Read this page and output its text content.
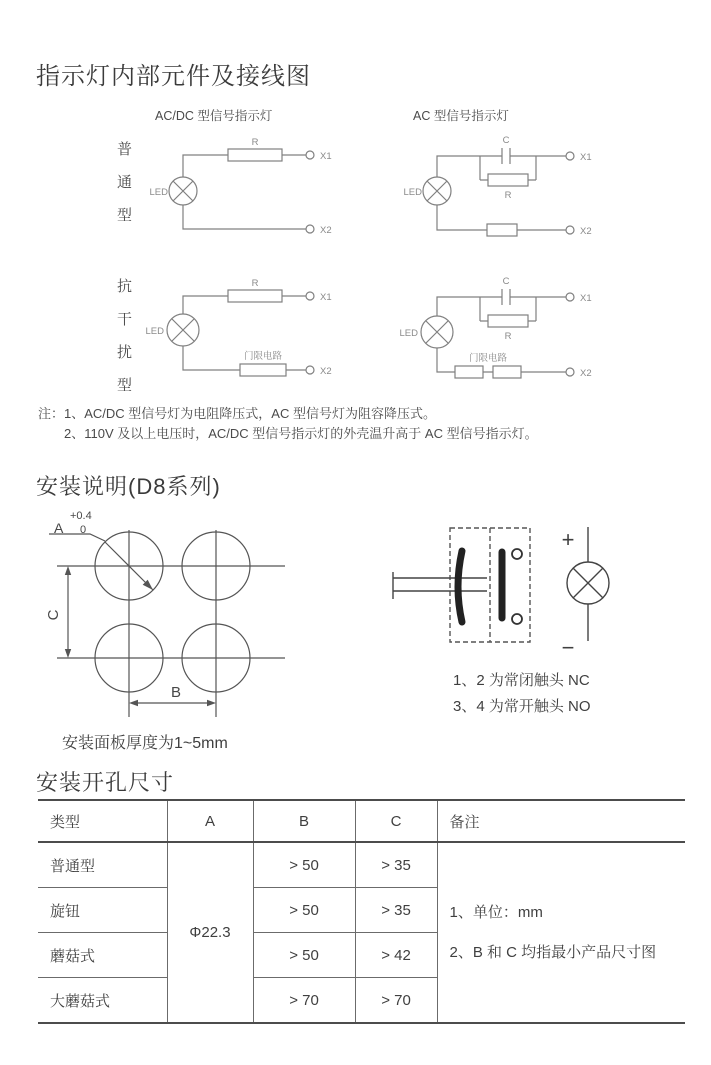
指示灯内部元件及接线图
AC/DC 型信号指示灯	AC 型信号指示灯
普通型
抗干扰型
R
LED
X1
X2
C
R
LED
X1
X2
R
LED
X1
X2
门限电路
C
R
LED
X1
X2
门限电路
注：1、AC/DC 型信号灯为电阻降压式，AC 型信号灯为阻容降压式。
2、110V 及以上电压时，AC/DC 型信号指示灯的外壳温升高于 AC 型信号指示灯。
安装说明(D8系列)
A
+0.4
0
C
B
+
−
1、2 为常闭触头 NC
3、4 为常开触头 NO
安装面板厚度为1~5mm
安装开孔尺寸
类型	A	B	C	备注
普通型	Φ22.3	> 50	> 35	1、单位：mm
2、B 和 C 均指最小产品尺寸图

旋钮		> 50	> 35	
蘑菇式		> 50	> 42	
大蘑菇式		> 70	> 70	
